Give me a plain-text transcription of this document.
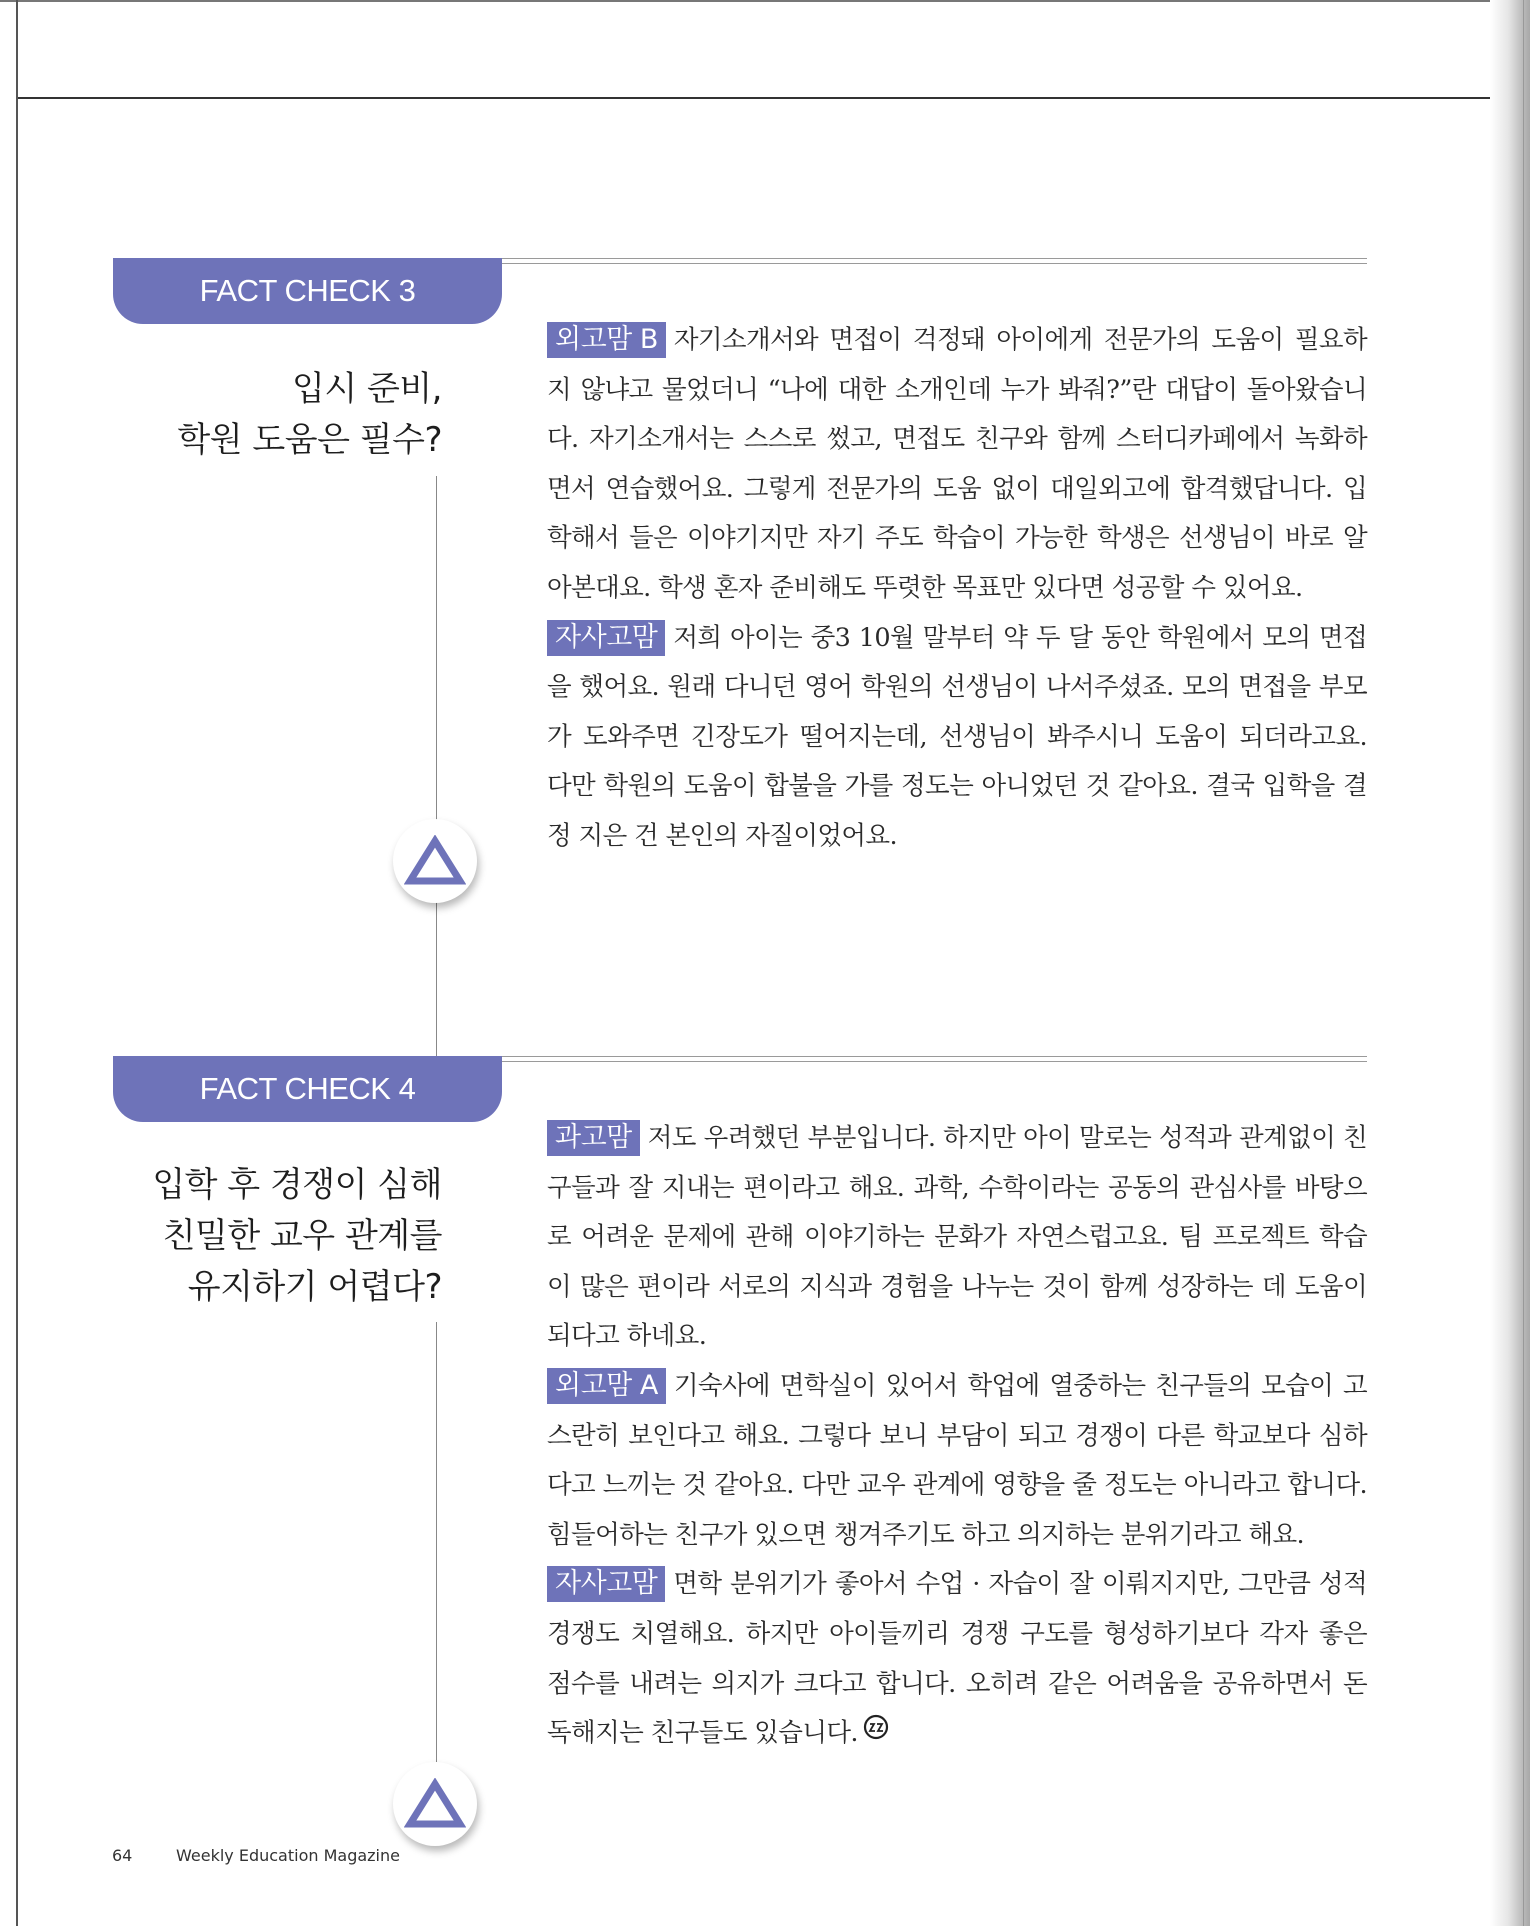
FACT CHECK 3
입시 준비,
학원 도움은 필수?

외고맘 B 자기소개서와 면접이 걱정돼 아이에게 전문가의 도움이 필요하지 않냐고 물었더니 “나에 대한 소개인데 누가 봐줘?”란 대답이 돌아왔습니다. 자기소개서는 스스로 썼고, 면접도 친구와 함께 스터디카페에서 녹화하면서 연습했어요. 그렇게 전문가의 도움 없이 대일외고에 합격했답니다. 입학해서 들은 이야기지만 자기 주도 학습이 가능한 학생은 선생님이 바로 알아본대요. 학생 혼자 준비해도 뚜렷한 목표만 있다면 성공할 수 있어요.

자사고맘 저희 아이는 중3 10월 말부터 약 두 달 동안 학원에서 모의 면접을 했어요. 원래 다니던 영어 학원의 선생님이 나서주셨죠. 모의 면접을 부모가 도와주면 긴장도가 떨어지는데, 선생님이 봐주시니 도움이 되더라고요. 다만 학원의 도움이 합불을 가를 정도는 아니었던 것 같아요. 결국 입학을 결정 지은 건 본인의 자질이었어요.

FACT CHECK 4
입학 후 경쟁이 심해
친밀한 교우 관계를
유지하기 어렵다?

과고맘 저도 우려했던 부분입니다. 하지만 아이 말로는 성적과 관계없이 친구들과 잘 지내는 편이라고 해요. 과학, 수학이라는 공동의 관심사를 바탕으로 어려운 문제에 관해 이야기하는 문화가 자연스럽고요. 팀 프로젝트 학습이 많은 편이라 서로의 지식과 경험을 나누는 것이 함께 성장하는 데 도움이 되다고 하네요.

외고맘 A 기숙사에 면학실이 있어서 학업에 열중하는 친구들의 모습이 고스란히 보인다고 해요. 그렇다 보니 부담이 되고 경쟁이 다른 학교보다 심하다고 느끼는 것 같아요. 다만 교우 관계에 영향을 줄 정도는 아니라고 합니다. 힘들어하는 친구가 있으면 챙겨주기도 하고 의지하는 분위기라고 해요.

자사고맘 면학 분위기가 좋아서 수업 · 자습이 잘 이뤄지지만, 그만큼 성적 경쟁도 치열해요. 하지만 아이들끼리 경쟁 구도를 형성하기보다 각자 좋은 점수를 내려는 의지가 크다고 합니다. 오히려 같은 어려움을 공유하면서 돈독해지는 친구들도 있습니다.

64	Weekly Education Magazine
